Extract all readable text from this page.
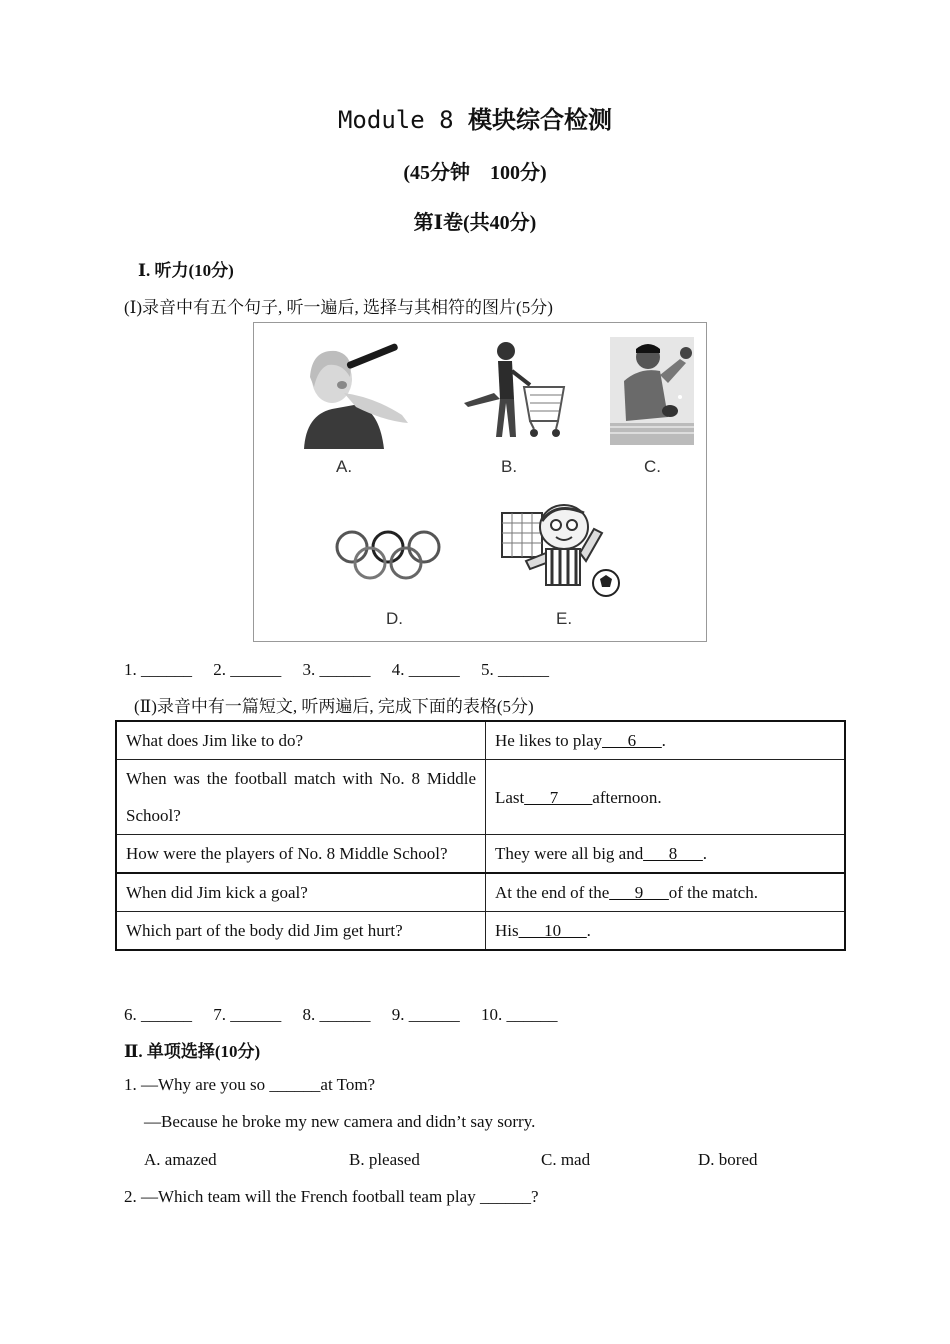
Module 8 模块综合检测
(45分钟　100分)
第Ⅰ卷(共40分)
Ⅰ. 听力(10分)
(Ⅰ)录音中有五个句子, 听一遍后, 选择与其相符的图片(5分)
A.	B.	C.
D.	E.
1. ______　 2. ______　 3. ______　 4. ______　 5. ______
(Ⅱ)录音中有一篇短文, 听两遍后, 完成下面的表格(5分)
What does Jim like to do?	He likes to play___6___.
When was the football match with No. 8 Middle School?	Last___7____afternoon.
How were the players of No. 8 Middle School?	They were all big and___8___.
When did Jim kick a goal?	At the end of the___9___of the match.
Which part of the body did Jim get hurt?	His___10___.
6. ______　 7. ______　 8. ______　 9. ______　 10. ______
Ⅱ. 单项选择(10分)
1. —Why are you so ______at Tom?
—Because he broke my new camera and didn’t say sorry.
A. amazed	B. pleased	C. mad	D. bored
2. —Which team will the French football team play ______?
